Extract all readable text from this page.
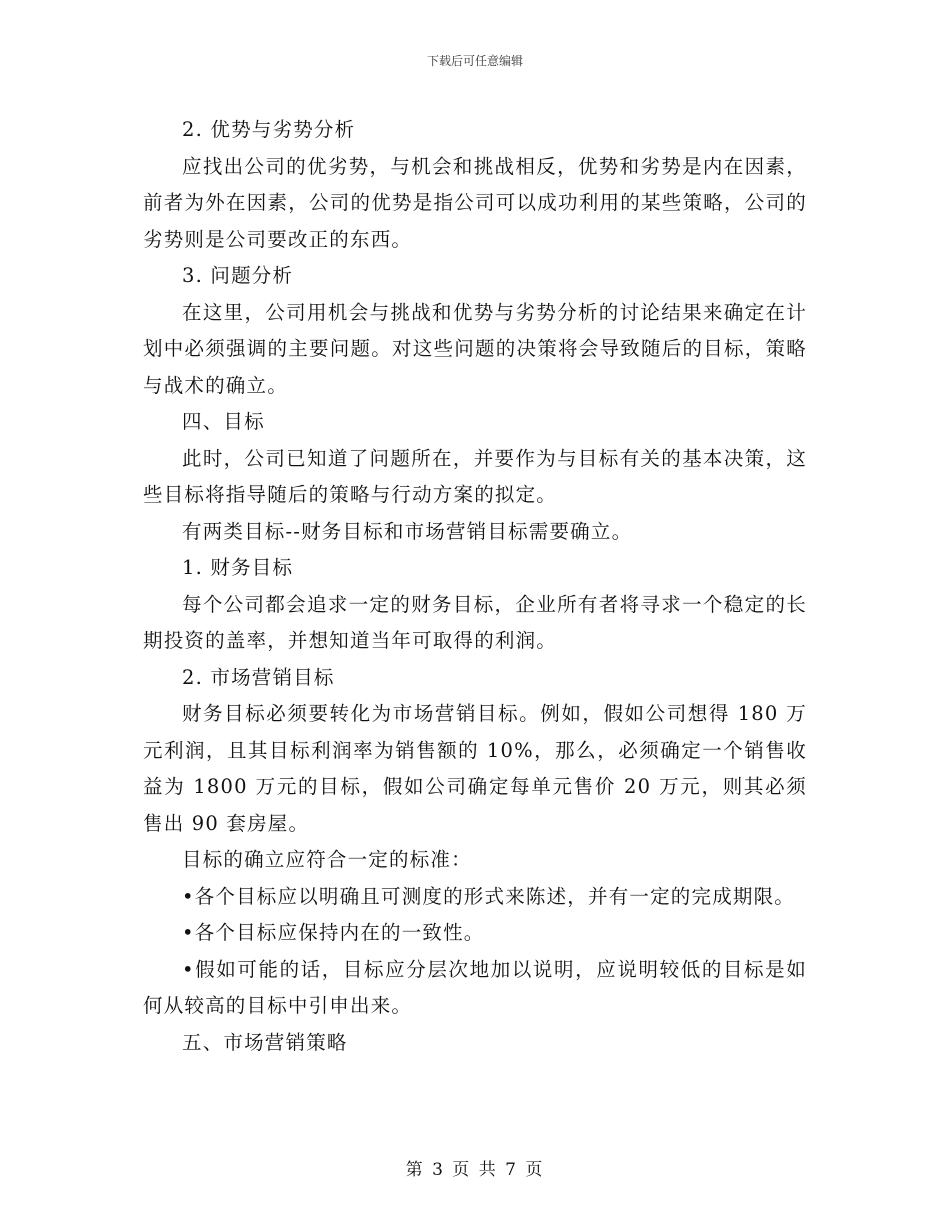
下载后可任意编辑

2. 优势与劣势分析

应找出公司的优劣势，与机会和挑战相反，优势和劣势是内在因素，前者为外在因素，公司的优势是指公司可以成功利用的某些策略，公司的劣势则是公司要改正的东西。

3. 问题分析

在这里，公司用机会与挑战和优势与劣势分析的讨论结果来确定在计划中必须强调的主要问题。对这些问题的决策将会导致随后的目标，策略与战术的确立。

四、目标

此时，公司已知道了问题所在，并要作为与目标有关的基本决策，这些目标将指导随后的策略与行动方案的拟定。

有两类目标--财务目标和市场营销目标需要确立。

1. 财务目标

每个公司都会追求一定的财务目标，企业所有者将寻求一个稳定的长期投资的盖率，并想知道当年可取得的利润。

2. 市场营销目标

财务目标必须要转化为市场营销目标。例如，假如公司想得 180 万元利润，且其目标利润率为销售额的 10%，那么，必须确定一个销售收益为 1800 万元的目标，假如公司确定每单元售价 20 万元，则其必须售出 90 套房屋。

目标的确立应符合一定的标准：

•各个目标应以明确且可测度的形式来陈述，并有一定的完成期限。

•各个目标应保持内在的一致性。

•假如可能的话，目标应分层次地加以说明，应说明较低的目标是如何从较高的目标中引申出来。

五、市场营销策略

第 3 页 共 7 页
